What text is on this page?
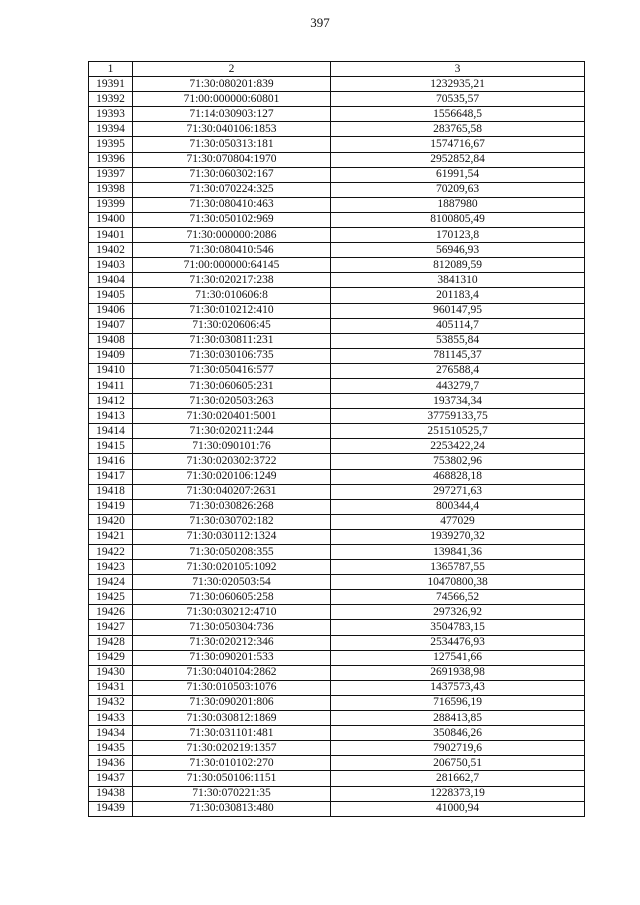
397
1	2	3
19391	71:30:080201:839	1232935,21
19392	71:00:000000:60801	70535,57
19393	71:14:030903:127	1556648,5
19394	71:30:040106:1853	283765,58
19395	71:30:050313:181	1574716,67
19396	71:30:070804:1970	2952852,84
19397	71:30:060302:167	61991,54
19398	71:30:070224:325	70209,63
19399	71:30:080410:463	1887980
19400	71:30:050102:969	8100805,49
19401	71:30:000000:2086	170123,8
19402	71:30:080410:546	56946,93
19403	71:00:000000:64145	812089,59
19404	71:30:020217:238	3841310
19405	71:30:010606:8	201183,4
19406	71:30:010212:410	960147,95
19407	71:30:020606:45	405114,7
19408	71:30:030811:231	53855,84
19409	71:30:030106:735	781145,37
19410	71:30:050416:577	276588,4
19411	71:30:060605:231	443279,7
19412	71:30:020503:263	193734,34
19413	71:30:020401:5001	37759133,75
19414	71:30:020211:244	251510525,7
19415	71:30:090101:76	2253422,24
19416	71:30:020302:3722	753802,96
19417	71:30:020106:1249	468828,18
19418	71:30:040207:2631	297271,63
19419	71:30:030826:268	800344,4
19420	71:30:030702:182	477029
19421	71:30:030112:1324	1939270,32
19422	71:30:050208:355	139841,36
19423	71:30:020105:1092	1365787,55
19424	71:30:020503:54	10470800,38
19425	71:30:060605:258	74566,52
19426	71:30:030212:4710	297326,92
19427	71:30:050304:736	3504783,15
19428	71:30:020212:346	2534476,93
19429	71:30:090201:533	127541,66
19430	71:30:040104:2862	2691938,98
19431	71:30:010503:1076	1437573,43
19432	71:30:090201:806	716596,19
19433	71:30:030812:1869	288413,85
19434	71:30:031101:481	350846,26
19435	71:30:020219:1357	7902719,6
19436	71:30:010102:270	206750,51
19437	71:30:050106:1151	281662,7
19438	71:30:070221:35	1228373,19
19439	71:30:030813:480	41000,94
